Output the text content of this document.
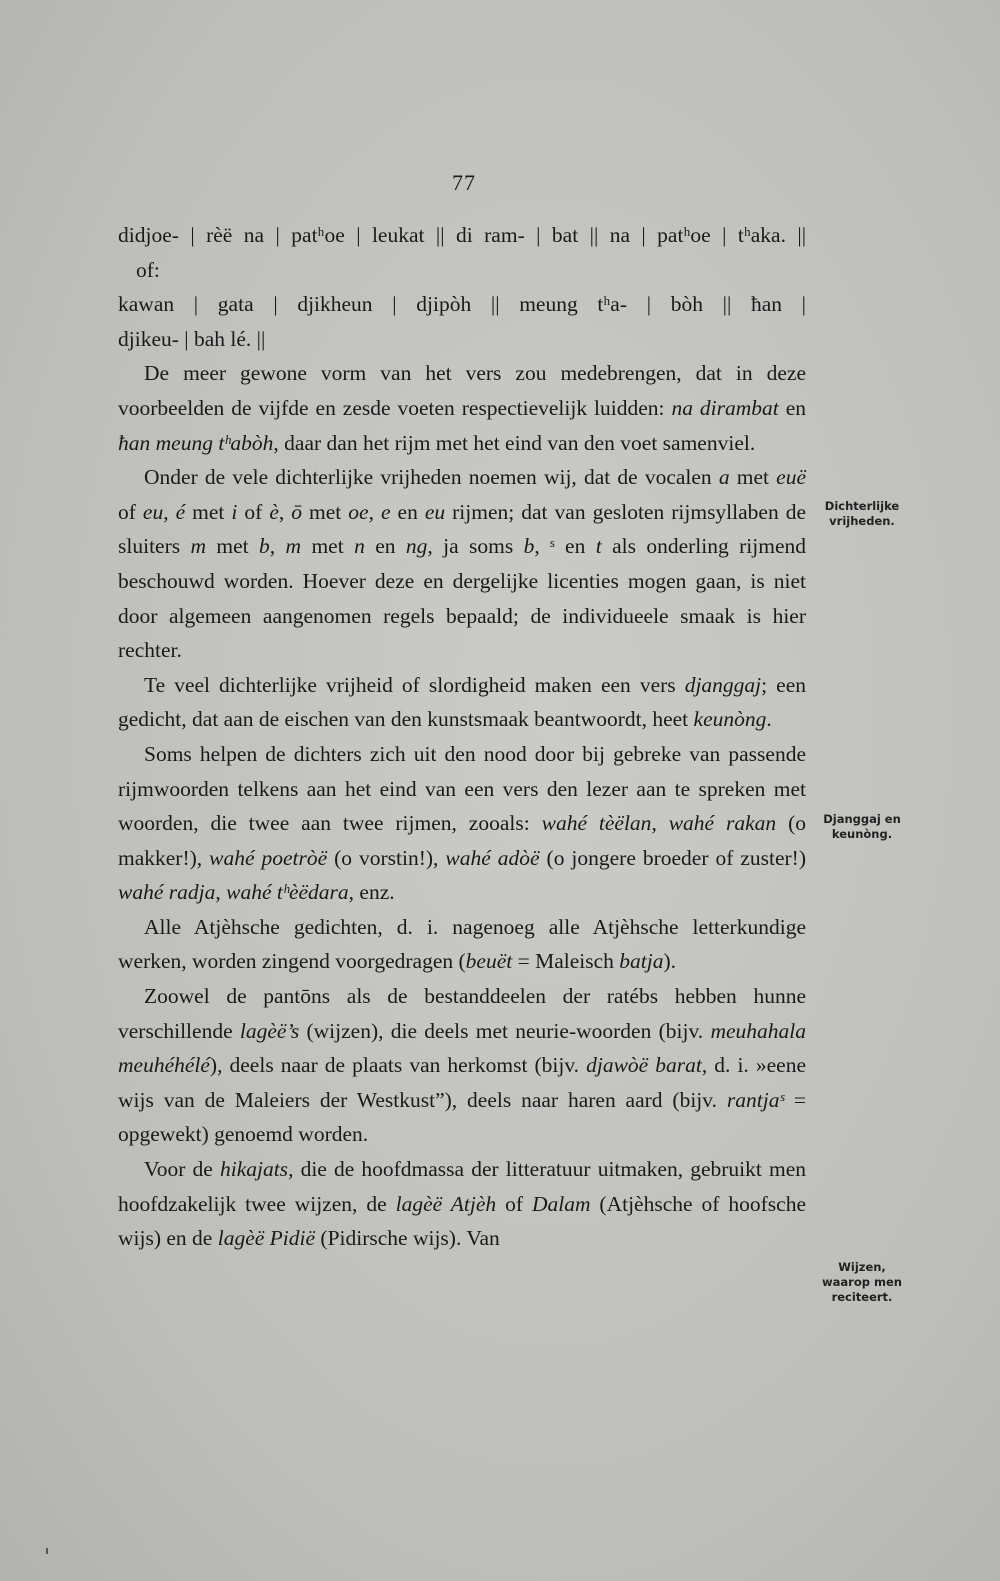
77
didjoe- | rèë na | patʰoe | leukat || di ram- | bat || na | patʰoe | tʰaka. ||
of:
kawan | gata | djikheun | djipòh || meung tʰa- | bòh || ħan |
djikeu- | bah lé. ||

De meer gewone vorm van het vers zou medebrengen, dat in deze voorbeelden de vijfde en zesde voeten respectievelijk luidden: na dirambat en ħan meung tʰabòh, daar dan het rijm met het eind van den voet samenviel.

Onder de vele dichterlijke vrijheden noemen wij, dat de vocalen a met euë of eu, é met i of è, ō met oe, e en eu rijmen; dat van gesloten rijmsyllaben de sluiters m met b, m met n en ng, ja soms b, ˢ en t als onderling rijmend beschouwd worden. Hoever deze en dergelijke licenties mogen gaan, is niet door algemeen aangenomen regels bepaald; de individueele smaak is hier rechter.

Te veel dichterlijke vrijheid of slordigheid maken een vers djanggaj; een gedicht, dat aan de eischen van den kunstsmaak beantwoordt, heet keunòng.

Soms helpen de dichters zich uit den nood door bij gebreke van passende rijmwoorden telkens aan het eind van een vers den lezer aan te spreken met woorden, die twee aan twee rijmen, zooals: wahé tèëlan, wahé rakan (o makker!), wahé poetròë (o vorstin!), wahé adòë (o jongere broeder of zuster!) wahé radja, wahé tʰèëdara, enz.

Alle Atjèhsche gedichten, d. i. nagenoeg alle Atjèhsche letterkundige werken, worden zingend voorgedragen (beuët = Maleisch batja).

Zoowel de pantōns als de bestanddeelen der ratébs hebben hunne verschillende lagèë’s (wijzen), die deels met neurie-woorden (bijv. meuhahala meuhéhélé), deels naar de plaats van herkomst (bijv. djawòë barat, d. i. »eene wijs van de Maleiers der Westkust”), deels naar haren aard (bijv. rantjaˢ = opgewekt) genoemd worden.

Voor de hikajats, die de hoofdmassa der litteratuur uitmaken, gebruikt men hoofdzakelijk twee wijzen, de lagèë Atjèh of Dalam (Atjèhsche of hoofsche wijs) en de lagèë Pidië (Pidirsche wijs). Van

Dichterlijke
vrijheden.
Djanggaj en
keunòng.
Wijzen,
waarop men
reciteert.
